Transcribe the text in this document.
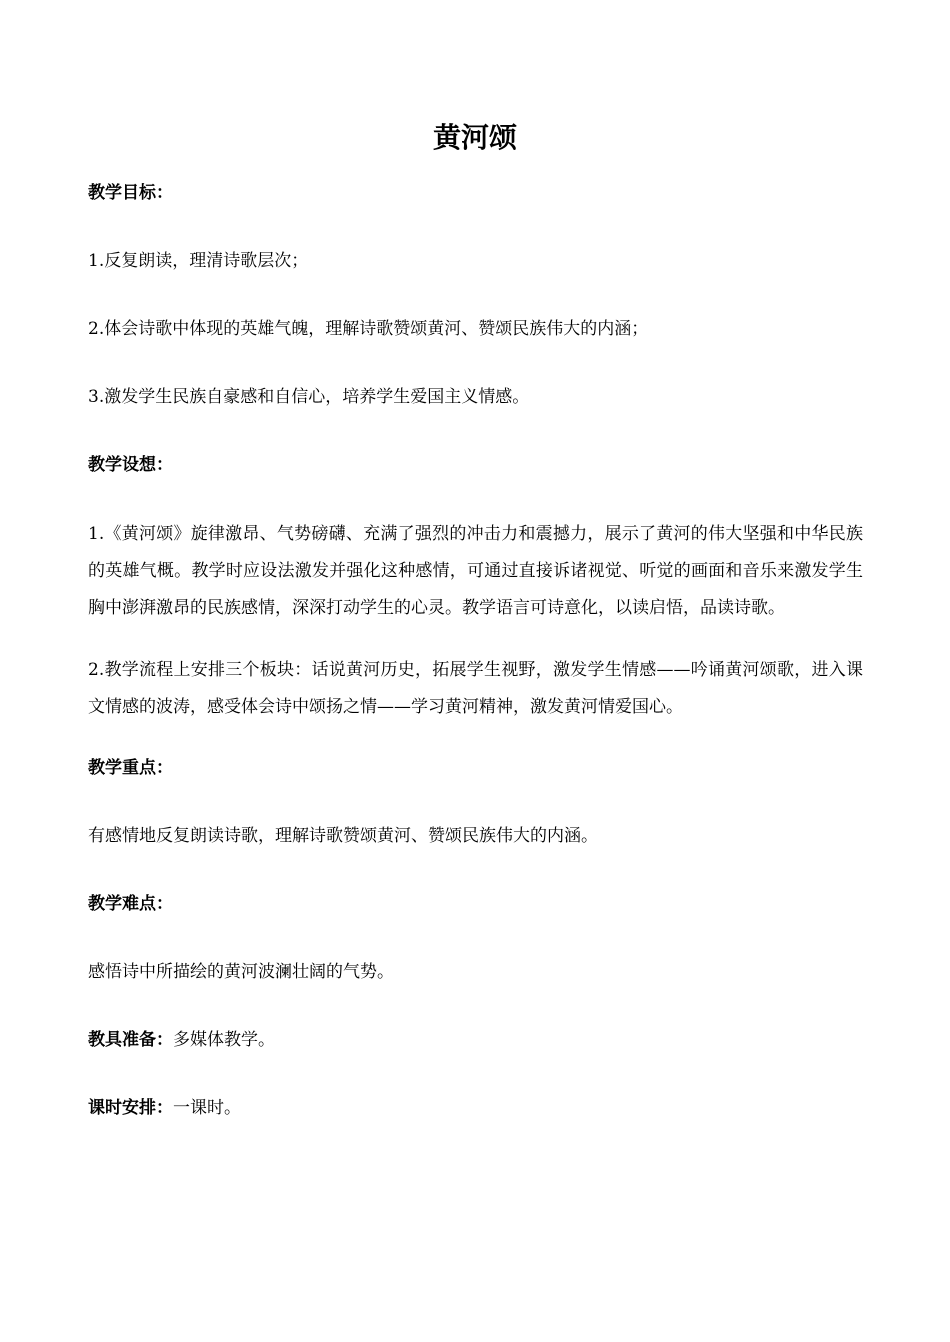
黄河颂

教学目标：

1.反复朗读，理清诗歌层次；

2.体会诗歌中体现的英雄气魄，理解诗歌赞颂黄河、赞颂民族伟大的内涵；

3.激发学生民族自豪感和自信心，培养学生爱国主义情感。

教学设想：

1.《黄河颂》旋律激昂、气势磅礴、充满了强烈的冲击力和震撼力，展示了黄河的伟大坚强和中华民族的英雄气概。教学时应设法激发并强化这种感情，可通过直接诉诸视觉、听觉的画面和音乐来激发学生胸中澎湃激昂的民族感情，深深打动学生的心灵。教学语言可诗意化，以读启悟，品读诗歌。

2.教学流程上安排三个板块：话说黄河历史，拓展学生视野，激发学生情感——吟诵黄河颂歌，进入课文情感的波涛，感受体会诗中颂扬之情——学习黄河精神，激发黄河情爱国心。

教学重点：

有感情地反复朗读诗歌，理解诗歌赞颂黄河、赞颂民族伟大的内涵。

教学难点：

感悟诗中所描绘的黄河波澜壮阔的气势。

教具准备：多媒体教学。

课时安排：一课时。
